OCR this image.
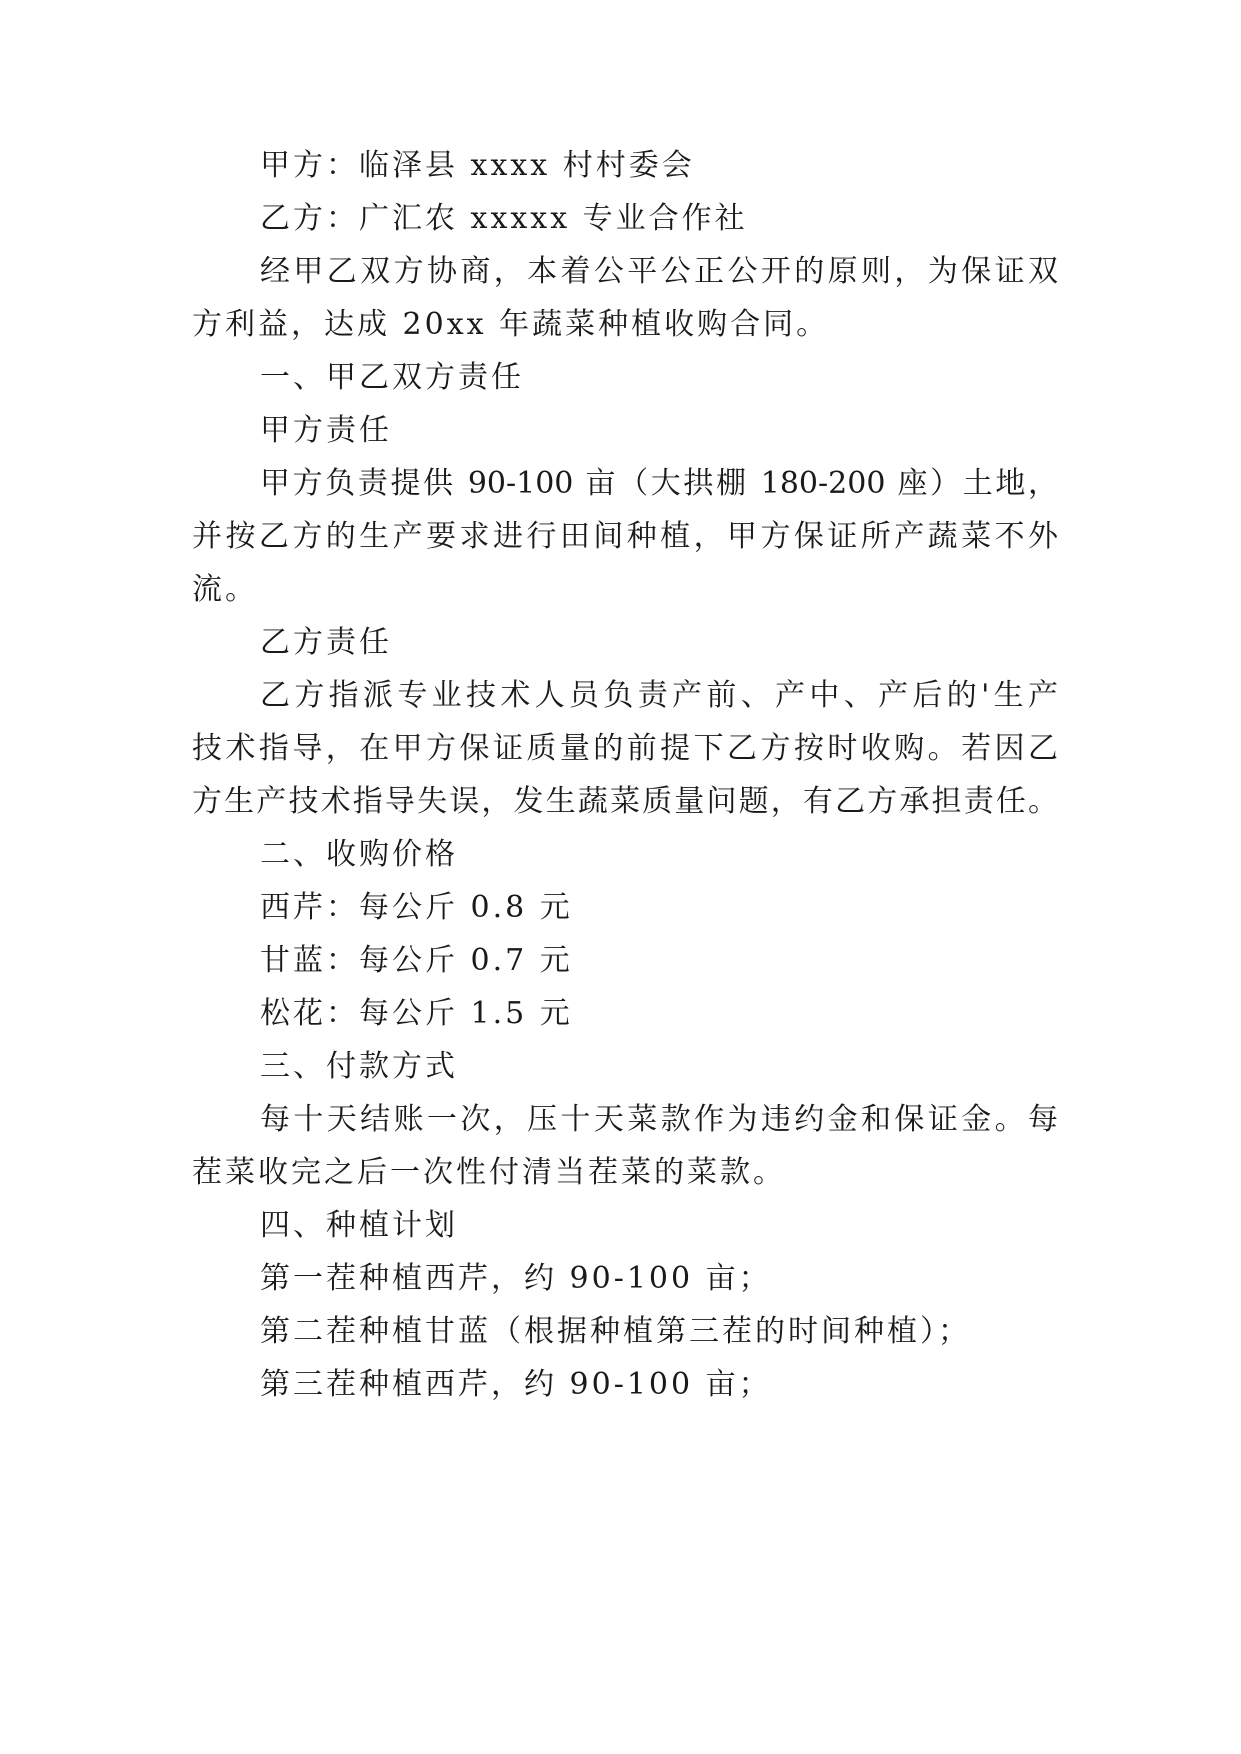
甲方：临泽县 xxxx 村村委会
乙方：广汇农 xxxxx 专业合作社
经甲乙双方协商，本着公平公正公开的原则，为保证双
方利益，达成 20xx 年蔬菜种植收购合同。
一、甲乙双方责任
甲方责任
甲方负责提供 90-100 亩（大拱棚 180-200 座）土地，
并按乙方的生产要求进行田间种植，甲方保证所产蔬菜不外
流。
乙方责任
乙方指派专业技术人员负责产前、产中、产后的'生产
技术指导，在甲方保证质量的前提下乙方按时收购。若因乙
方生产技术指导失误，发生蔬菜质量问题，有乙方承担责任。
二、收购价格
西芹：每公斤 0.8 元
甘蓝：每公斤 0.7 元
松花：每公斤 1.5 元
三、付款方式
每十天结账一次，压十天菜款作为违约金和保证金。每
茬菜收完之后一次性付清当茬菜的菜款。
四、种植计划
第一茬种植西芹，约 90-100 亩；
第二茬种植甘蓝（根据种植第三茬的时间种植）；
第三茬种植西芹，约 90-100 亩；
